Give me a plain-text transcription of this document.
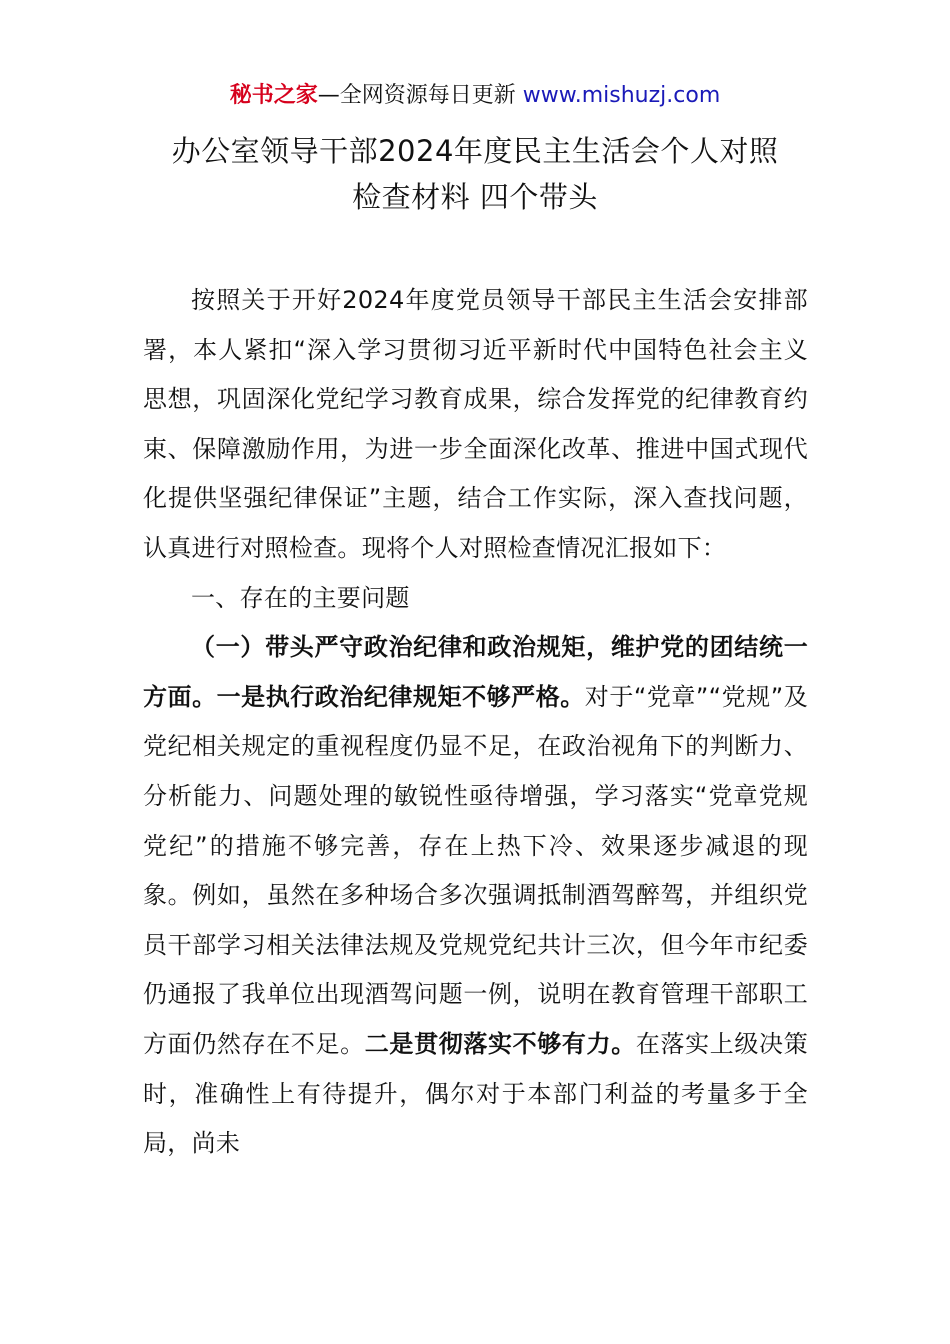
秘书之家—全网资源每日更新 www.mishuzj.com
办公室领导干部2024年度民主生活会个人对照
检查材料 四个带头

按照关于开好2024年度党员领导干部民主生活会安排部署，本人紧扣“深入学习贯彻习近平新时代中国特色社会主义思想，巩固深化党纪学习教育成果，综合发挥党的纪律教育约束、保障激励作用，为进一步全面深化改革、推进中国式现代化提供坚强纪律保证”主题，结合工作实际，深入查找问题，认真进行对照检查。现将个人对照检查情况汇报如下：

一、存在的主要问题

（一）带头严守政治纪律和政治规矩，维护党的团结统一方面。一是执行政治纪律规矩不够严格。对于“党章”“党规”及党纪相关规定的重视程度仍显不足，在政治视角下的判断力、分析能力、问题处理的敏锐性亟待增强，学习落实“党章党规党纪”的措施不够完善，存在上热下冷、效果逐步减退的现象。例如，虽然在多种场合多次强调抵制酒驾醉驾，并组织党员干部学习相关法律法规及党规党纪共计三次，但今年市纪委仍通报了我单位出现酒驾问题一例，说明在教育管理干部职工方面仍然存在不足。二是贯彻落实不够有力。在落实上级决策时，准确性上有待提升，偶尔对于本部门利益的考量多于全局，尚未
